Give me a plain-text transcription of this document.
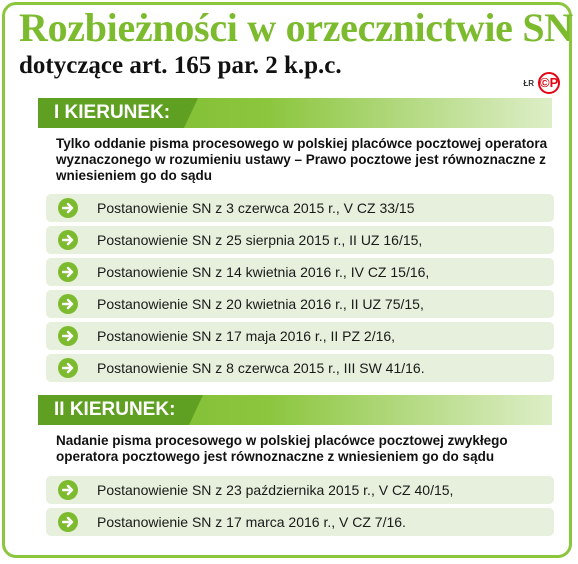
Rozbieżności w orzecznictwie SN
dotyczące art. 165 par. 2 k.p.c.
ŁR ©P
I KIERUNEK:

Tylko oddanie pisma procesowego w polskiej placówce pocztowej operatora wyznaczonego w rozumieniu ustawy – Prawo pocztowe jest równoznaczne z wniesieniem go do sądu

Postanowienie SN z 3 czerwca 2015 r., V CZ 33/15
Postanowienie SN z 25 sierpnia 2015 r., II UZ 16/15,
Postanowienie SN z 14 kwietnia 2016 r., IV CZ 15/16,
Postanowienie SN z 20 kwietnia 2016 r., II UZ 75/15,
Postanowienie SN z 17 maja 2016 r., II PZ 2/16,
Postanowienie SN z 8 czerwca 2015 r., III SW 41/16.
II KIERUNEK:

Nadanie pisma procesowego w polskiej placówce pocztowej zwykłego operatora pocztowego jest równoznaczne z wniesieniem go do sądu

Postanowienie SN z 23 października 2015 r., V CZ 40/15,
Postanowienie SN z 17 marca 2016 r., V CZ 7/16.
